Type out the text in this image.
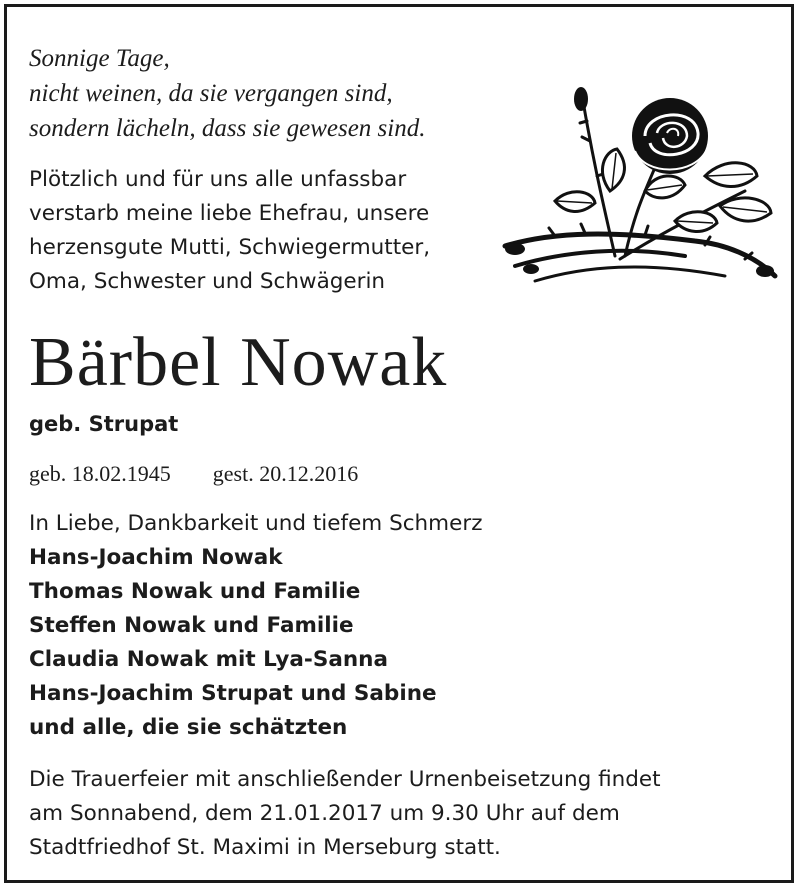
Sonnige Tage,
nicht weinen, da sie vergangen sind,
sondern lächeln, dass sie gewesen sind.
Plötzlich und für uns alle unfassbar
verstarb meine liebe Ehefrau, unsere
herzensgute Mutti, Schwiegermutter,
Oma, Schwester und Schwägerin
Bärbel Nowak
geb. Strupat
geb. 18.02.1945 gest. 20.12.2016
In Liebe, Dankbarkeit und tiefem Schmerz
Hans-Joachim Nowak
Thomas Nowak und Familie
Steffen Nowak und Familie
Claudia Nowak mit Lya-Sanna
Hans-Joachim Strupat und Sabine
und alle, die sie schätzten
Die Trauerfeier mit anschließender Urnenbeisetzung findet
am Sonnabend, dem 21.01.2017 um 9.30 Uhr auf dem
Stadtfriedhof St. Maximi in Merseburg statt.
